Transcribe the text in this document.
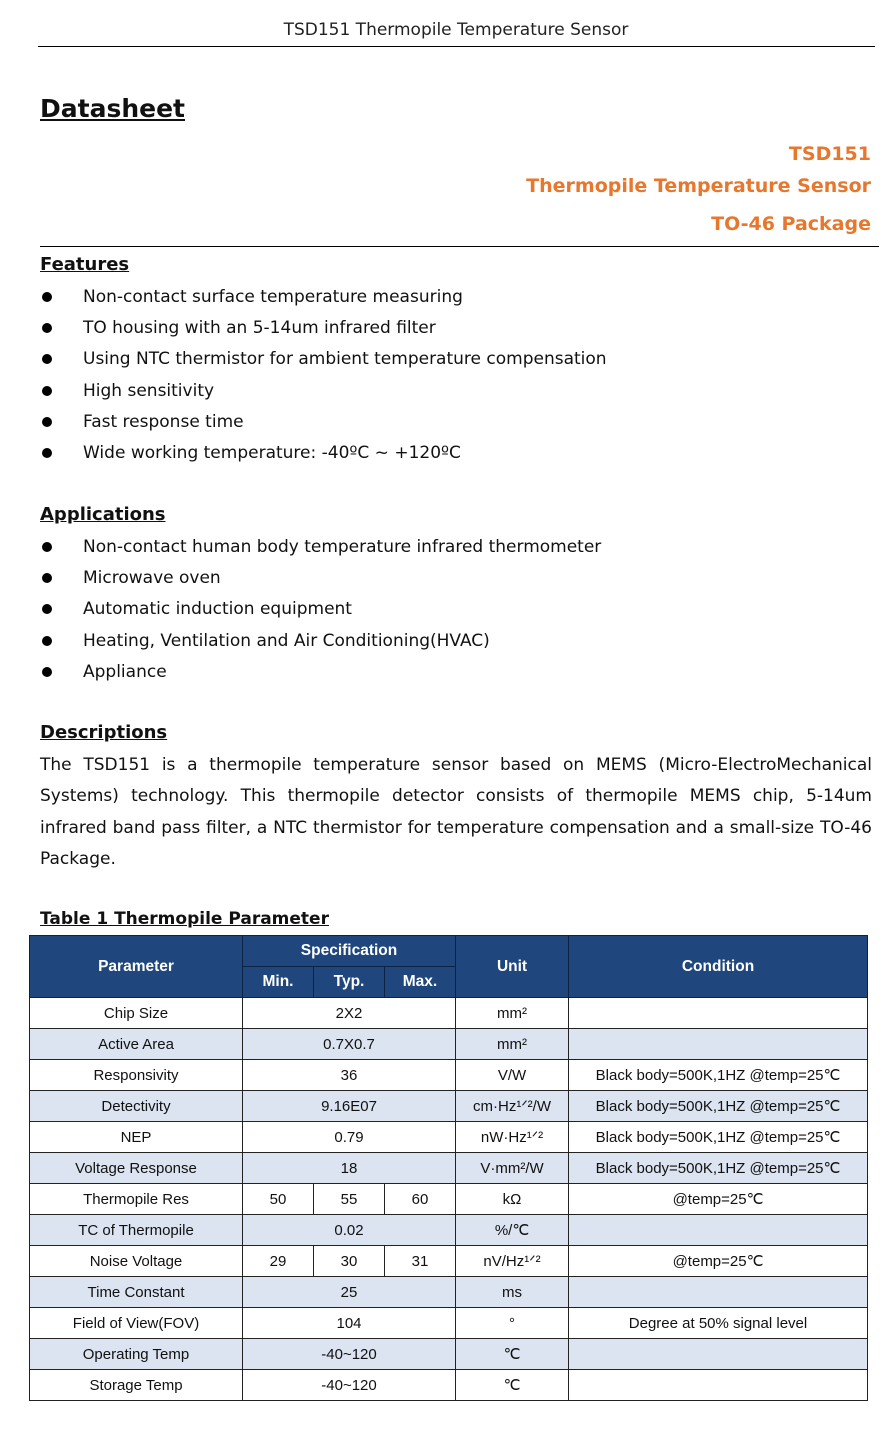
TSD151 Thermopile Temperature Sensor
Datasheet
TSD151
Thermopile Temperature Sensor
TO-46 Package
Features
Non-contact surface temperature measuring
TO housing with an 5-14um infrared filter
Using NTC thermistor for ambient temperature compensation
High sensitivity
Fast response time
Wide working temperature: -40ºC ~ +120ºC
Applications
Non-contact human body temperature infrared thermometer
Microwave oven
Automatic induction equipment
Heating, Ventilation and Air Conditioning(HVAC)
Appliance
Descriptions
The TSD151 is a thermopile temperature sensor based on MEMS (Micro-ElectroMechanical Systems) technology. This thermopile detector consists of thermopile MEMS chip, 5-14um infrared band pass filter, a NTC thermistor for temperature compensation and a small-size TO-46 Package.
Table 1 Thermopile Parameter
Parameter	Specification			Unit	Condition
	Min.	Typ.	Max.		
Chip Size	2X2			mm²	
Active Area	0.7X0.7			mm²	
Responsivity	36			V/W	Black body=500K,1HZ @temp=25℃
Detectivity	9.16E07			cm·Hz¹ᐟ²/W	Black body=500K,1HZ @temp=25℃
NEP	0.79			nW·Hz¹ᐟ²	Black body=500K,1HZ @temp=25℃
Voltage Response	18			V·mm²/W	Black body=500K,1HZ @temp=25℃
Thermopile Res	50	55	60	kΩ	@temp=25℃
TC of Thermopile	0.02			%/℃	
Noise Voltage	29	30	31	nV/Hz¹ᐟ²	@temp=25℃
Time Constant	25			ms	
Field of View(FOV)	104			°	Degree at 50% signal level
Operating Temp	-40~120			℃	
Storage Temp	-40~120			℃	
